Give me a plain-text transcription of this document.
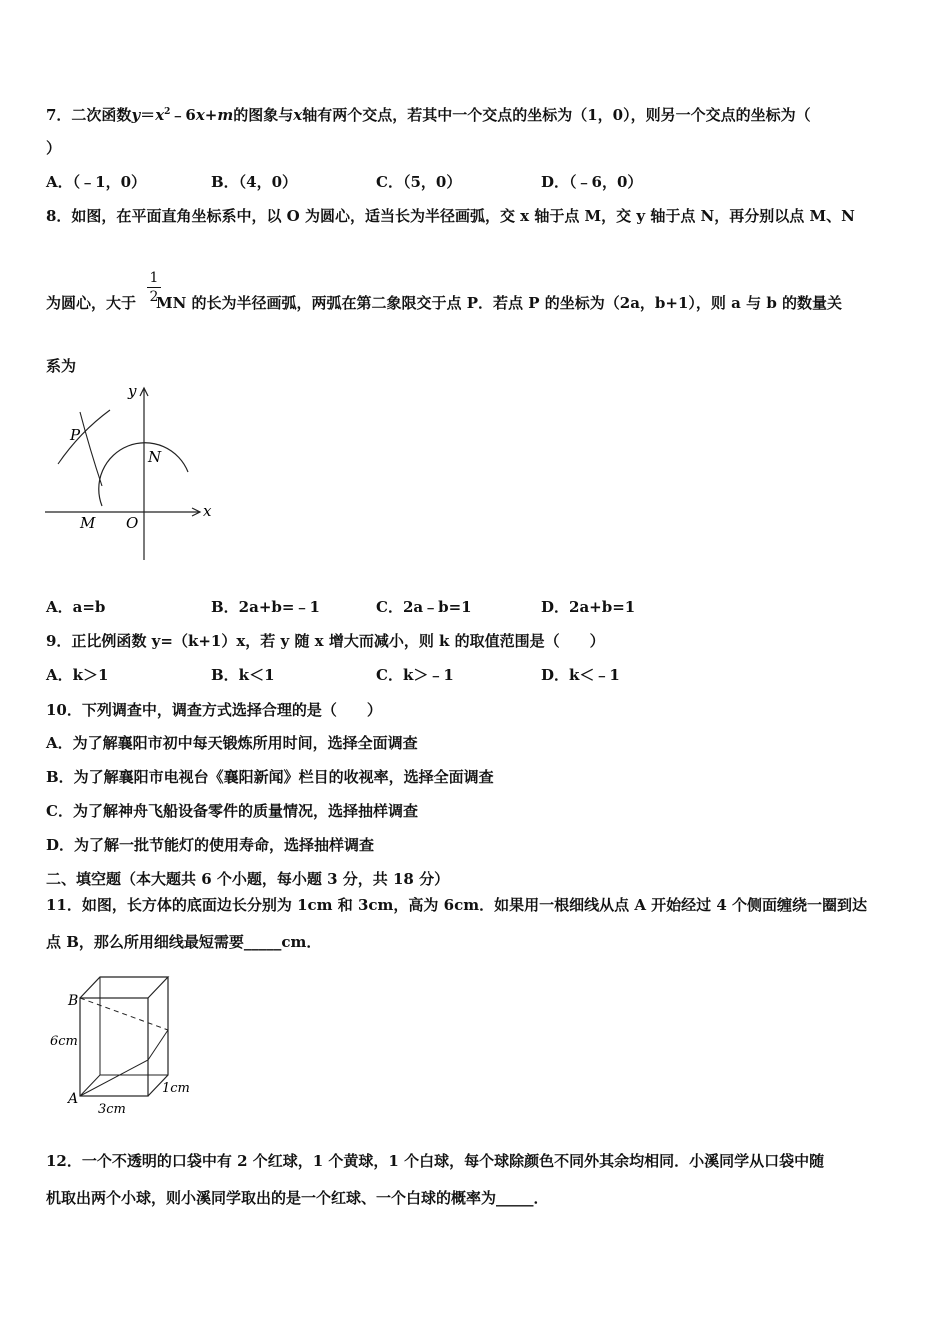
7．二次函数$y=x^2﹣6x+m$的图象与x轴有两个交点，若其中一个交点的坐标为（1，0），则另一个交点的坐标为（
）
A．（﹣1，0）	B．（4，0）	C．（5，0）	D．（﹣6，0）
8．如图，在平面直角坐标系中，以 O 为圆心，适当长为半径画弧，交 x 轴于点 M，交 y 轴于点 N，再分别以点 M、N
1
2
为圆心，大于 MN 的长为半径画弧，两弧在第二象限交于点 P．若点 P 的坐标为（2a，b+1），则 a 与 b 的数量关
系为
y
x
P
N
M O
A．a=b	B．2a+b=﹣1	C．2a﹣b=1	D．2a+b=1
9．正比例函数 y=（k+1）x，若 y 随 x 增大而减小，则 k 的取值范围是（　　）
A．k＞1	B．k＜1	C．k＞﹣1	D．k＜﹣1
10．下列调查中，调查方式选择合理的是（　　）
A．为了解襄阳市初中每天锻炼所用时间，选择全面调查
B．为了解襄阳市电视台《襄阳新闻》栏目的收视率，选择全面调查
C．为了解神舟飞船设备零件的质量情况，选择抽样调查
D．为了解一批节能灯的使用寿命，选择抽样调查
二、填空题（本大题共 6 个小题，每小题 3 分，共 18 分）
11．如图，长方体的底面边长分别为 1cm 和 3cm，高为 6cm．如果用一根细线从点 A 开始经过 4 个侧面缠绕一圈到达
点 B，那么所用细线最短需要_____cm．
B
A
6cm
3cm
1cm
12．一个不透明的口袋中有 2 个红球，1 个黄球，1 个白球，每个球除颜色不同外其余均相同．小溪同学从口袋中随
机取出两个小球，则小溪同学取出的是一个红球、一个白球的概率为_____．
